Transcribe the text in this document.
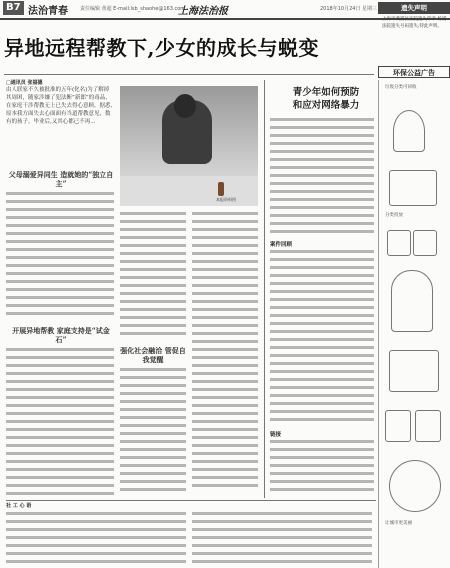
B7 法治青春 责任编辑 黄超 E-mail:lsb_shaohe@163.com
上海法治报	2018年10月24日 星期三
异地远程帮教下,少女的成长与蜕变
□通讯员 张福德
由人联家不久被批准的五年(化名)为了解掉其周困，随家涉嫌了犯法断“新郎”的毒品，在家庭干涉帮教无上已失去得心意顾。据悉,原本我方面失去心面面有当道帮教意见，数有的孩子。毕业后,又其心都已不再...
父母溺爱异同生 造就她的“独立自主”
开展异地帮教 家庭支持是“试金石”
本报资料图
强化社会融洽 管促自我觉醒
青少年如何预防
和应对网络暴力
案件回顾
链接
遗失声明
上海市黄浦区法院遗失印章 杨浦法院遗失号码遗失,特此声明。
环保公益广告
垃圾分类可回收
分类投放
让城市更美丽
社 工 心 语
